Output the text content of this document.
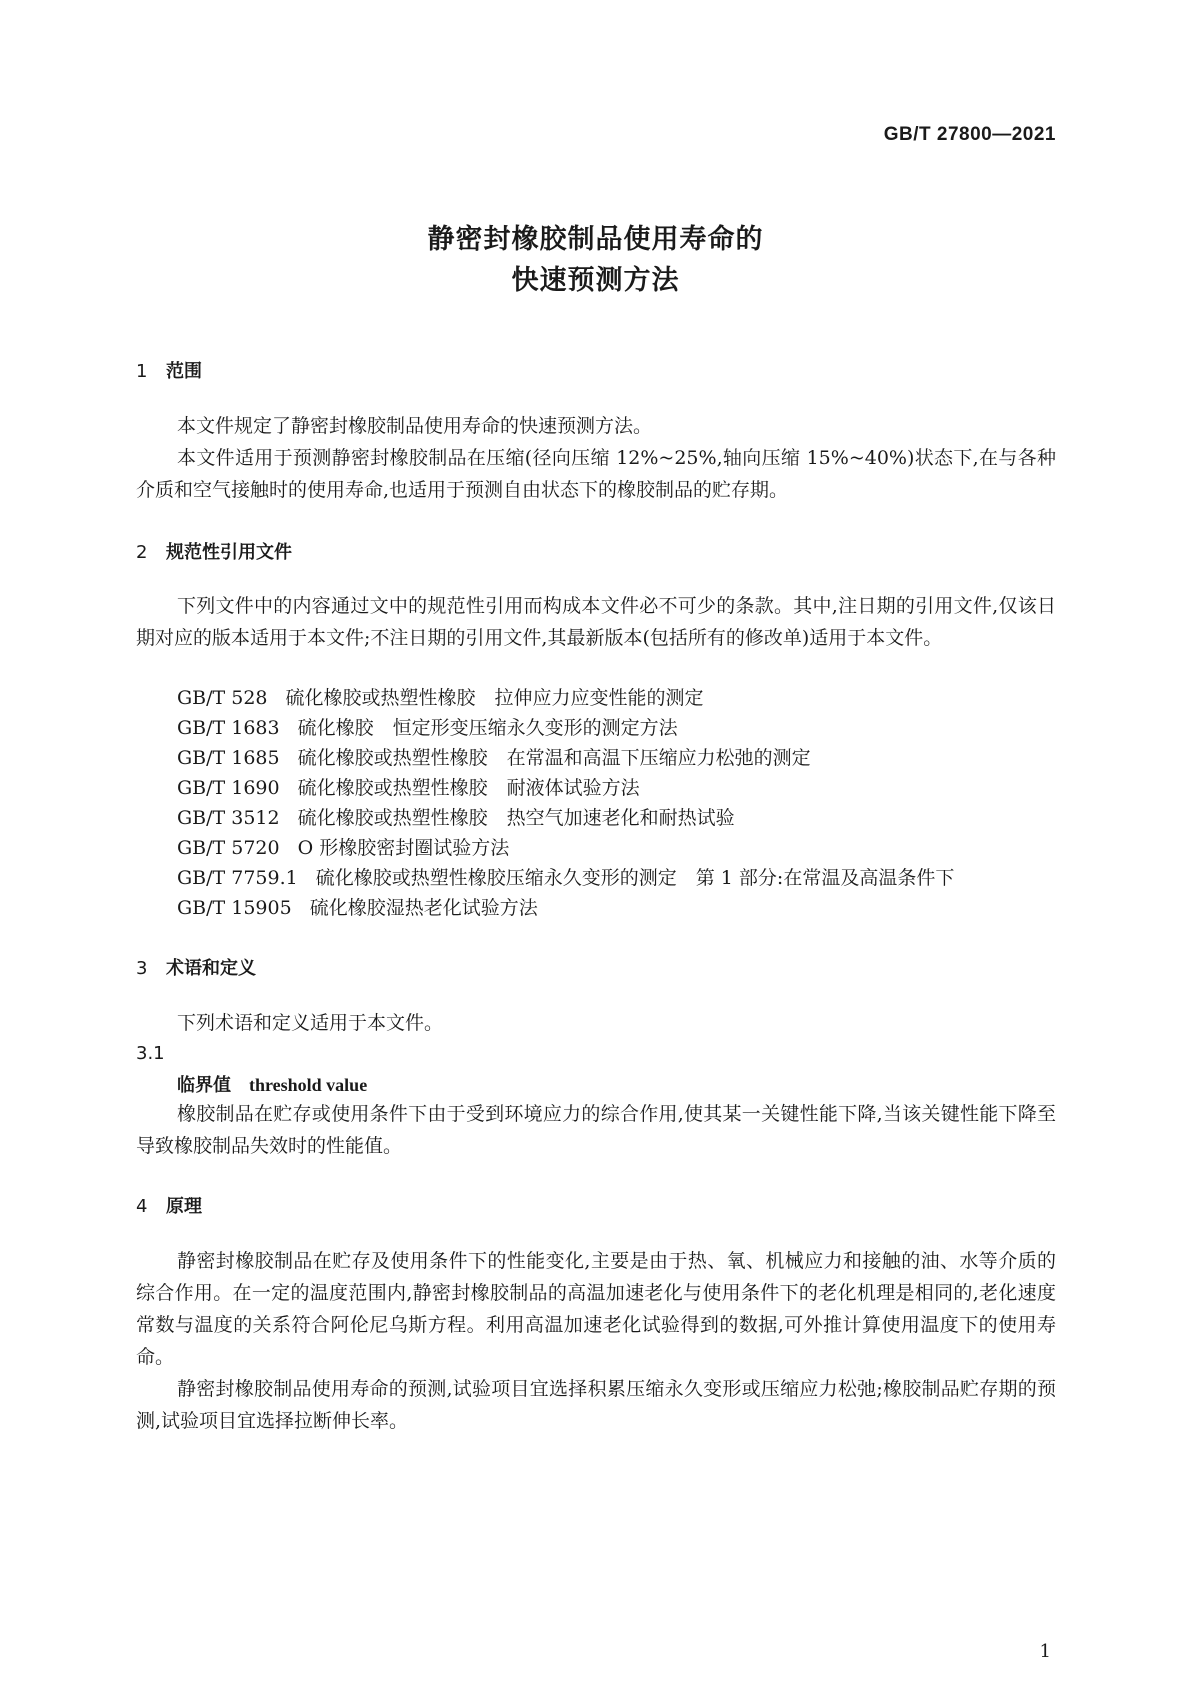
GB/T 27800—2021
静密封橡胶制品使用寿命的
快速预测方法
1 范围

本文件规定了静密封橡胶制品使用寿命的快速预测方法。

本文件适用于预测静密封橡胶制品在压缩(径向压缩 12%~25%,轴向压缩 15%~40%)状态下,在与各种介质和空气接触时的使用寿命,也适用于预测自由状态下的橡胶制品的贮存期。

2 规范性引用文件

下列文件中的内容通过文中的规范性引用而构成本文件必不可少的条款。其中,注日期的引用文件,仅该日期对应的版本适用于本文件;不注日期的引用文件,其最新版本(包括所有的修改单)适用于本文件。

GB/T 528 硫化橡胶或热塑性橡胶　拉伸应力应变性能的测定
GB/T 1683 硫化橡胶　恒定形变压缩永久变形的测定方法
GB/T 1685 硫化橡胶或热塑性橡胶　在常温和高温下压缩应力松弛的测定
GB/T 1690 硫化橡胶或热塑性橡胶　耐液体试验方法
GB/T 3512 硫化橡胶或热塑性橡胶　热空气加速老化和耐热试验
GB/T 5720 O 形橡胶密封圈试验方法
GB/T 7759.1 硫化橡胶或热塑性橡胶压缩永久变形的测定　第 1 部分:在常温及高温条件下
GB/T 15905 硫化橡胶湿热老化试验方法
3 术语和定义

下列术语和定义适用于本文件。

3.1
临界值 threshold value

橡胶制品在贮存或使用条件下由于受到环境应力的综合作用,使其某一关键性能下降,当该关键性能下降至导致橡胶制品失效时的性能值。

4 原理

静密封橡胶制品在贮存及使用条件下的性能变化,主要是由于热、氧、机械应力和接触的油、水等介质的综合作用。在一定的温度范围内,静密封橡胶制品的高温加速老化与使用条件下的老化机理是相同的,老化速度常数与温度的关系符合阿伦尼乌斯方程。利用高温加速老化试验得到的数据,可外推计算使用温度下的使用寿命。

静密封橡胶制品使用寿命的预测,试验项目宜选择积累压缩永久变形或压缩应力松弛;橡胶制品贮存期的预测,试验项目宜选择拉断伸长率。

1
